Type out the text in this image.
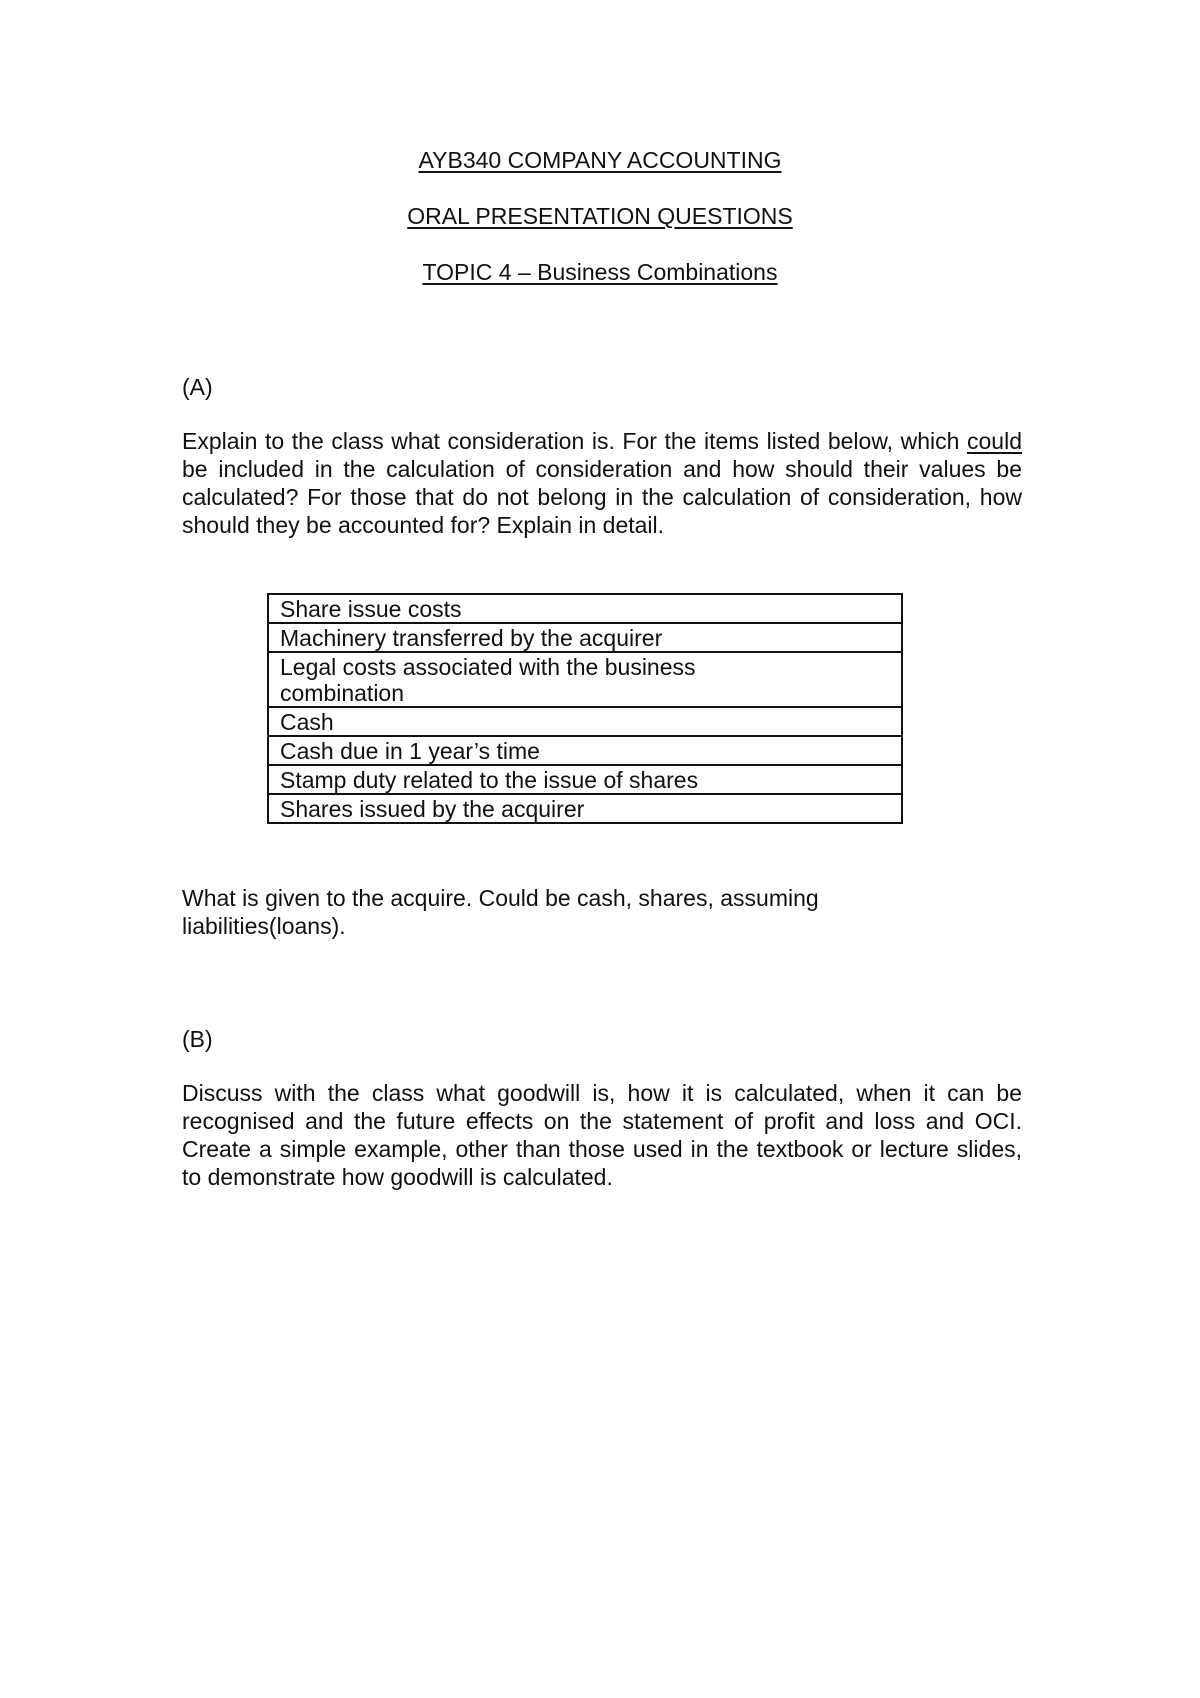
AYB340 COMPANY ACCOUNTING
ORAL PRESENTATION QUESTIONS
TOPIC 4 – Business Combinations
(A)
Explain to the class what consideration is. For the items listed below, which could be included in the calculation of consideration and how should their values be calculated? For those that do not belong in the calculation of consideration, how should they be accounted for? Explain in detail.
Share issue costs

Machinery transferred by the acquirer

Legal costs associated with the business combination

Cash

Cash due in 1 year’s time

Stamp duty related to the issue of shares

Shares issued by the acquirer
What is given to the acquire. Could be cash, shares, assuming liabilities(loans).
(B)
Discuss with the class what goodwill is, how it is calculated, when it can be recognised and the future effects on the statement of profit and loss and OCI. Create a simple example, other than those used in the textbook or lecture slides, to demonstrate how goodwill is calculated.
